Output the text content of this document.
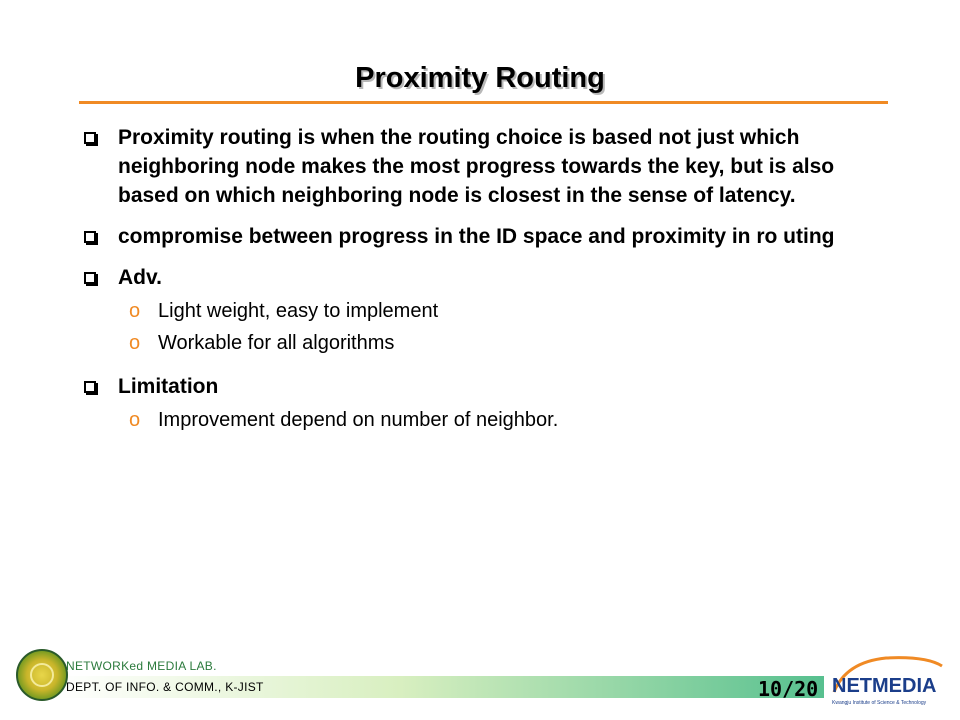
Proximity Routing
Proximity routing is when the routing choice is based not just which neighboring node makes the most progress towards the key, but is also based on which neighboring node is closest in the sense of latency.
compromise between progress in the ID space and proximity in ro uting
Adv.
o Light weight, easy to implement
o Workable for all algorithms
Limitation
o Improvement depend on number of neighbor.
NETWORKed MEDIA LAB.
DEPT. OF INFO. & COMM., K-JIST	10/20 NETMEDIA
Kwangju Institute of Science & Technology
